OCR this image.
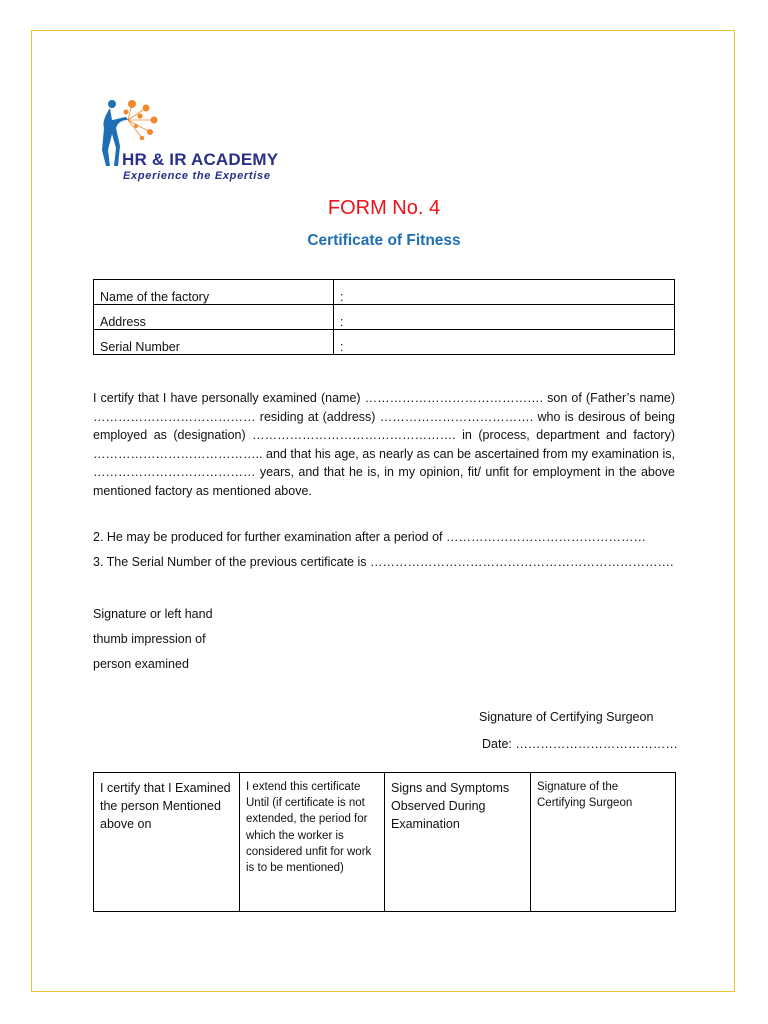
HR & IR ACADEMY
Experience the Expertise
FORM No. 4
Certificate of Fitness
Name of the factory	:
Address	:
Serial Number	:

I certify that I have personally examined (name) ……………………………………. son of (Father’s name) ………………………………… residing at (address) ………………………………. who is desirous of being employed as (designation) …………………………………………. in (process, department and factory) ………………………………….. and that his age, as nearly as can be ascertained from my examination is, ………………………………… years, and that he is, in my opinion, fit/ unfit for employment in the above mentioned factory as mentioned above.

2. He may be produced for further examination after a period of …………………………………………
3. The Serial Number of the previous certificate is ……………………………………………………………….
Signature or left hand
thumb impression of
person examined
Signature of Certifying Surgeon
Date: …………………………………
I certify that I Examined the person Mentioned above on	I extend this certificate Until (if certificate is not extended, the period for which the worker is considered unfit for work is to be mentioned)	Signs and Symptoms Observed During Examination	Signature of the Certifying Surgeon
